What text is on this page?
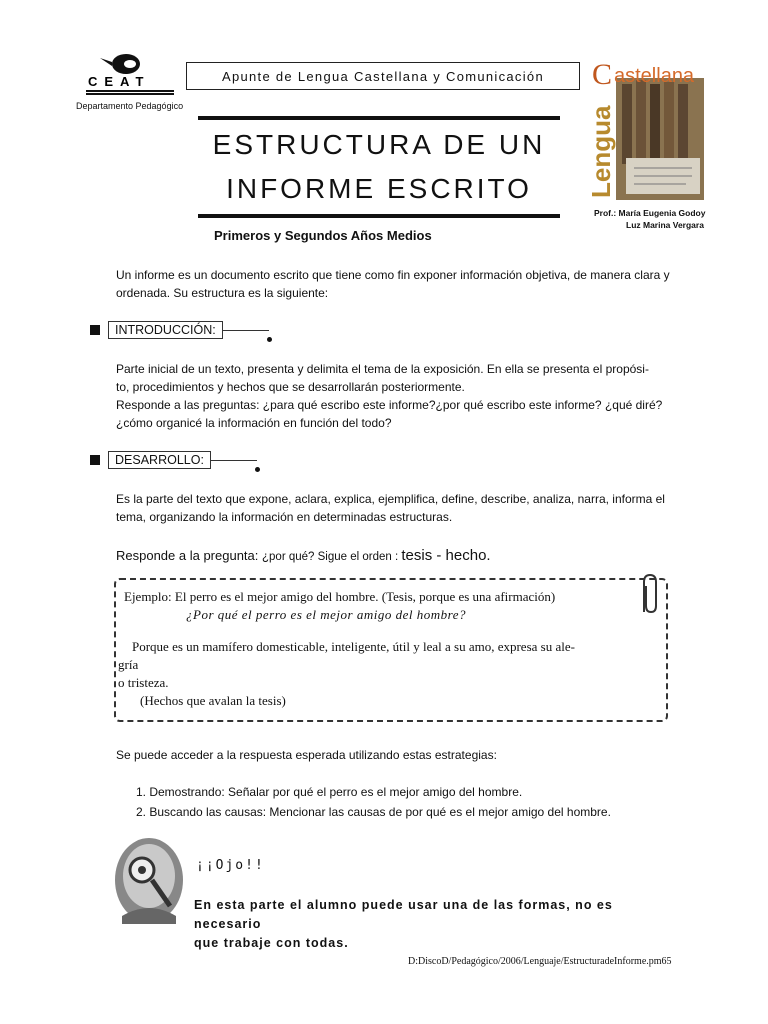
CEAT
Departamento Pedagógico
Apunte de Lengua Castellana y Comunicación
ESTRUCTURA DE UN
INFORME ESCRITO
Primeros y Segundos Años Medios
C astellana
Lengua
Prof.: María Eugenia Godoy
Luz Marina Vergara
Un informe es un documento escrito que tiene como fin exponer información objetiva, de manera clara y ordenada. Su estructura es la siguiente:
INTRODUCCIÓN:
Parte inicial de un texto, presenta y delimita el tema de la exposición. En ella se presenta el propósi-
to, procedimientos y hechos que se desarrollarán posteriormente.
Responde a las preguntas: ¿para qué escribo este informe?¿por qué escribo este informe? ¿qué diré?
¿cómo organicé la información en función del todo?
DESARROLLO:
Es la parte del texto que expone, aclara, explica, ejemplifica, define, describe, analiza, narra, informa el
tema, organizando la información en determinadas estructuras.
Responde a la pregunta: ¿por qué? Sigue el orden : tesis - hecho.
Ejemplo: El perro es el mejor amigo del hombre. (Tesis, porque es una afirmación)
¿Por qué el perro es el mejor amigo del hombre?
Porque es un mamífero domesticable, inteligente, útil y leal a su amo, expresa su ale-
gría
o tristeza.
(Hechos que avalan la tesis)
Se puede acceder a la respuesta esperada utilizando estas estrategias:
1. Demostrando: Señalar por qué el perro es el mejor amigo del hombre.
2. Buscando las causas: Mencionar las causas de por qué es el mejor amigo del hombre.
¡¡Ojo!!
En esta parte el alumno puede usar una de las formas, no es necesario
que trabaje con todas.
D:DiscoD/Pedagógico/2006/Lenguaje/EstructuradeInforme.pm65
